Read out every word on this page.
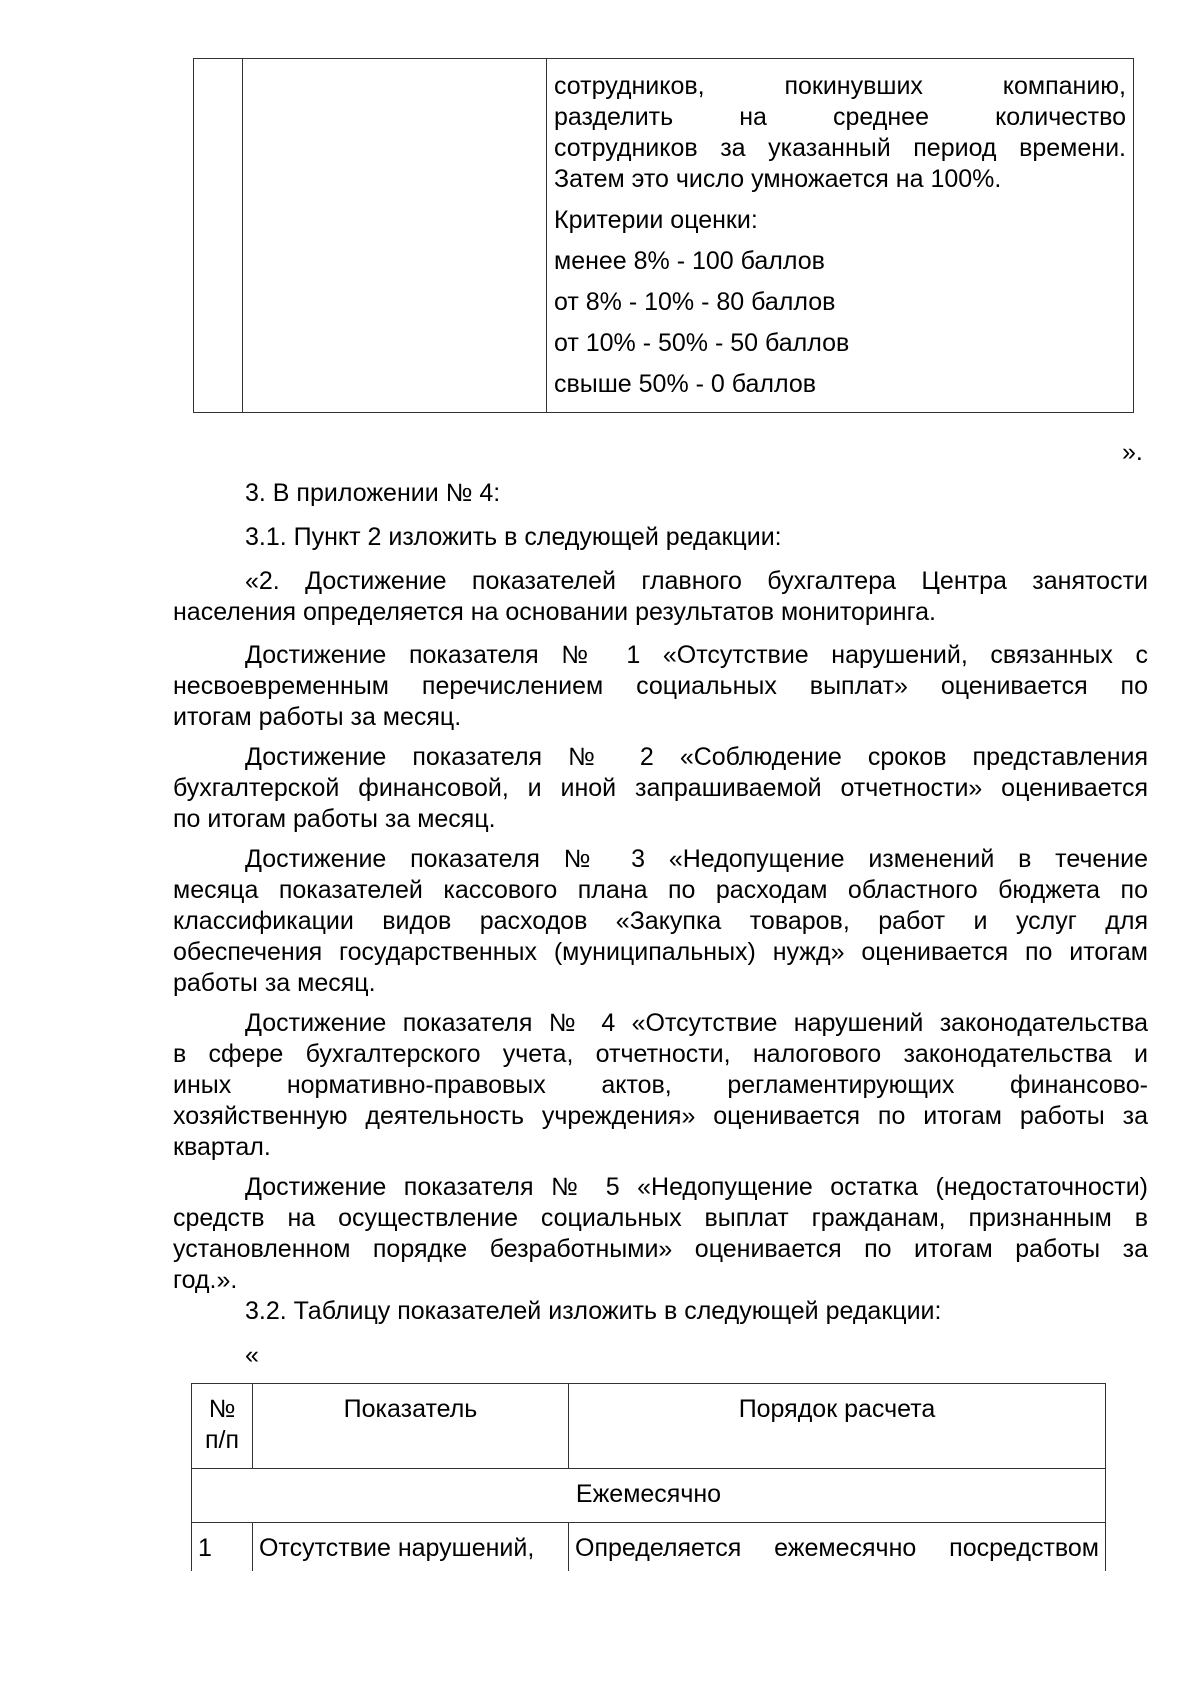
сотрудников, покинувших компанию,
разделить на среднее количество
сотрудников за указанный период времени.
Затем это число умножается на 100%.
Критерии оценки:
менее 8% - 100 баллов
от 8% - 10% - 80 баллов
от 10% - 50% - 50 баллов
свыше 50% - 0 баллов
».
3. В приложении № 4:
3.1. Пункт 2 изложить в следующей редакции:
«2. Достижение показателей главного бухгалтера Центра занятости
населения определяется на основании результатов мониторинга.
Достижение показателя № 1 «Отсутствие нарушений, связанных с
несвоевременным перечислением социальных выплат» оценивается по
итогам работы за месяц.
Достижение показателя № 2 «Соблюдение сроков представления
бухгалтерской финансовой, и иной запрашиваемой отчетности» оценивается
по итогам работы за месяц.
Достижение показателя № 3 «Недопущение изменений в течение
месяца показателей кассового плана по расходам областного бюджета по
классификации видов расходов «Закупка товаров, работ и услуг для
обеспечения государственных (муниципальных) нужд» оценивается по итогам
работы за месяц.
Достижение показателя № 4 «Отсутствие нарушений законодательства
в сфере бухгалтерского учета, отчетности, налогового законодательства и
иных нормативно-правовых актов, регламентирующих финансово-
хозяйственную деятельность учреждения» оценивается по итогам работы за
квартал.
Достижение показателя № 5 «Недопущение остатка (недостаточности)
средств на осуществление социальных выплат гражданам, признанным в
установленном порядке безработными» оценивается по итогам работы за
год.».
3.2. Таблицу показателей изложить в следующей редакции:
«
№
п/п	Показатель	Порядок расчета
Ежемесячно		
1	Отсутствие нарушений,	Определяется ежемесячно посредством
